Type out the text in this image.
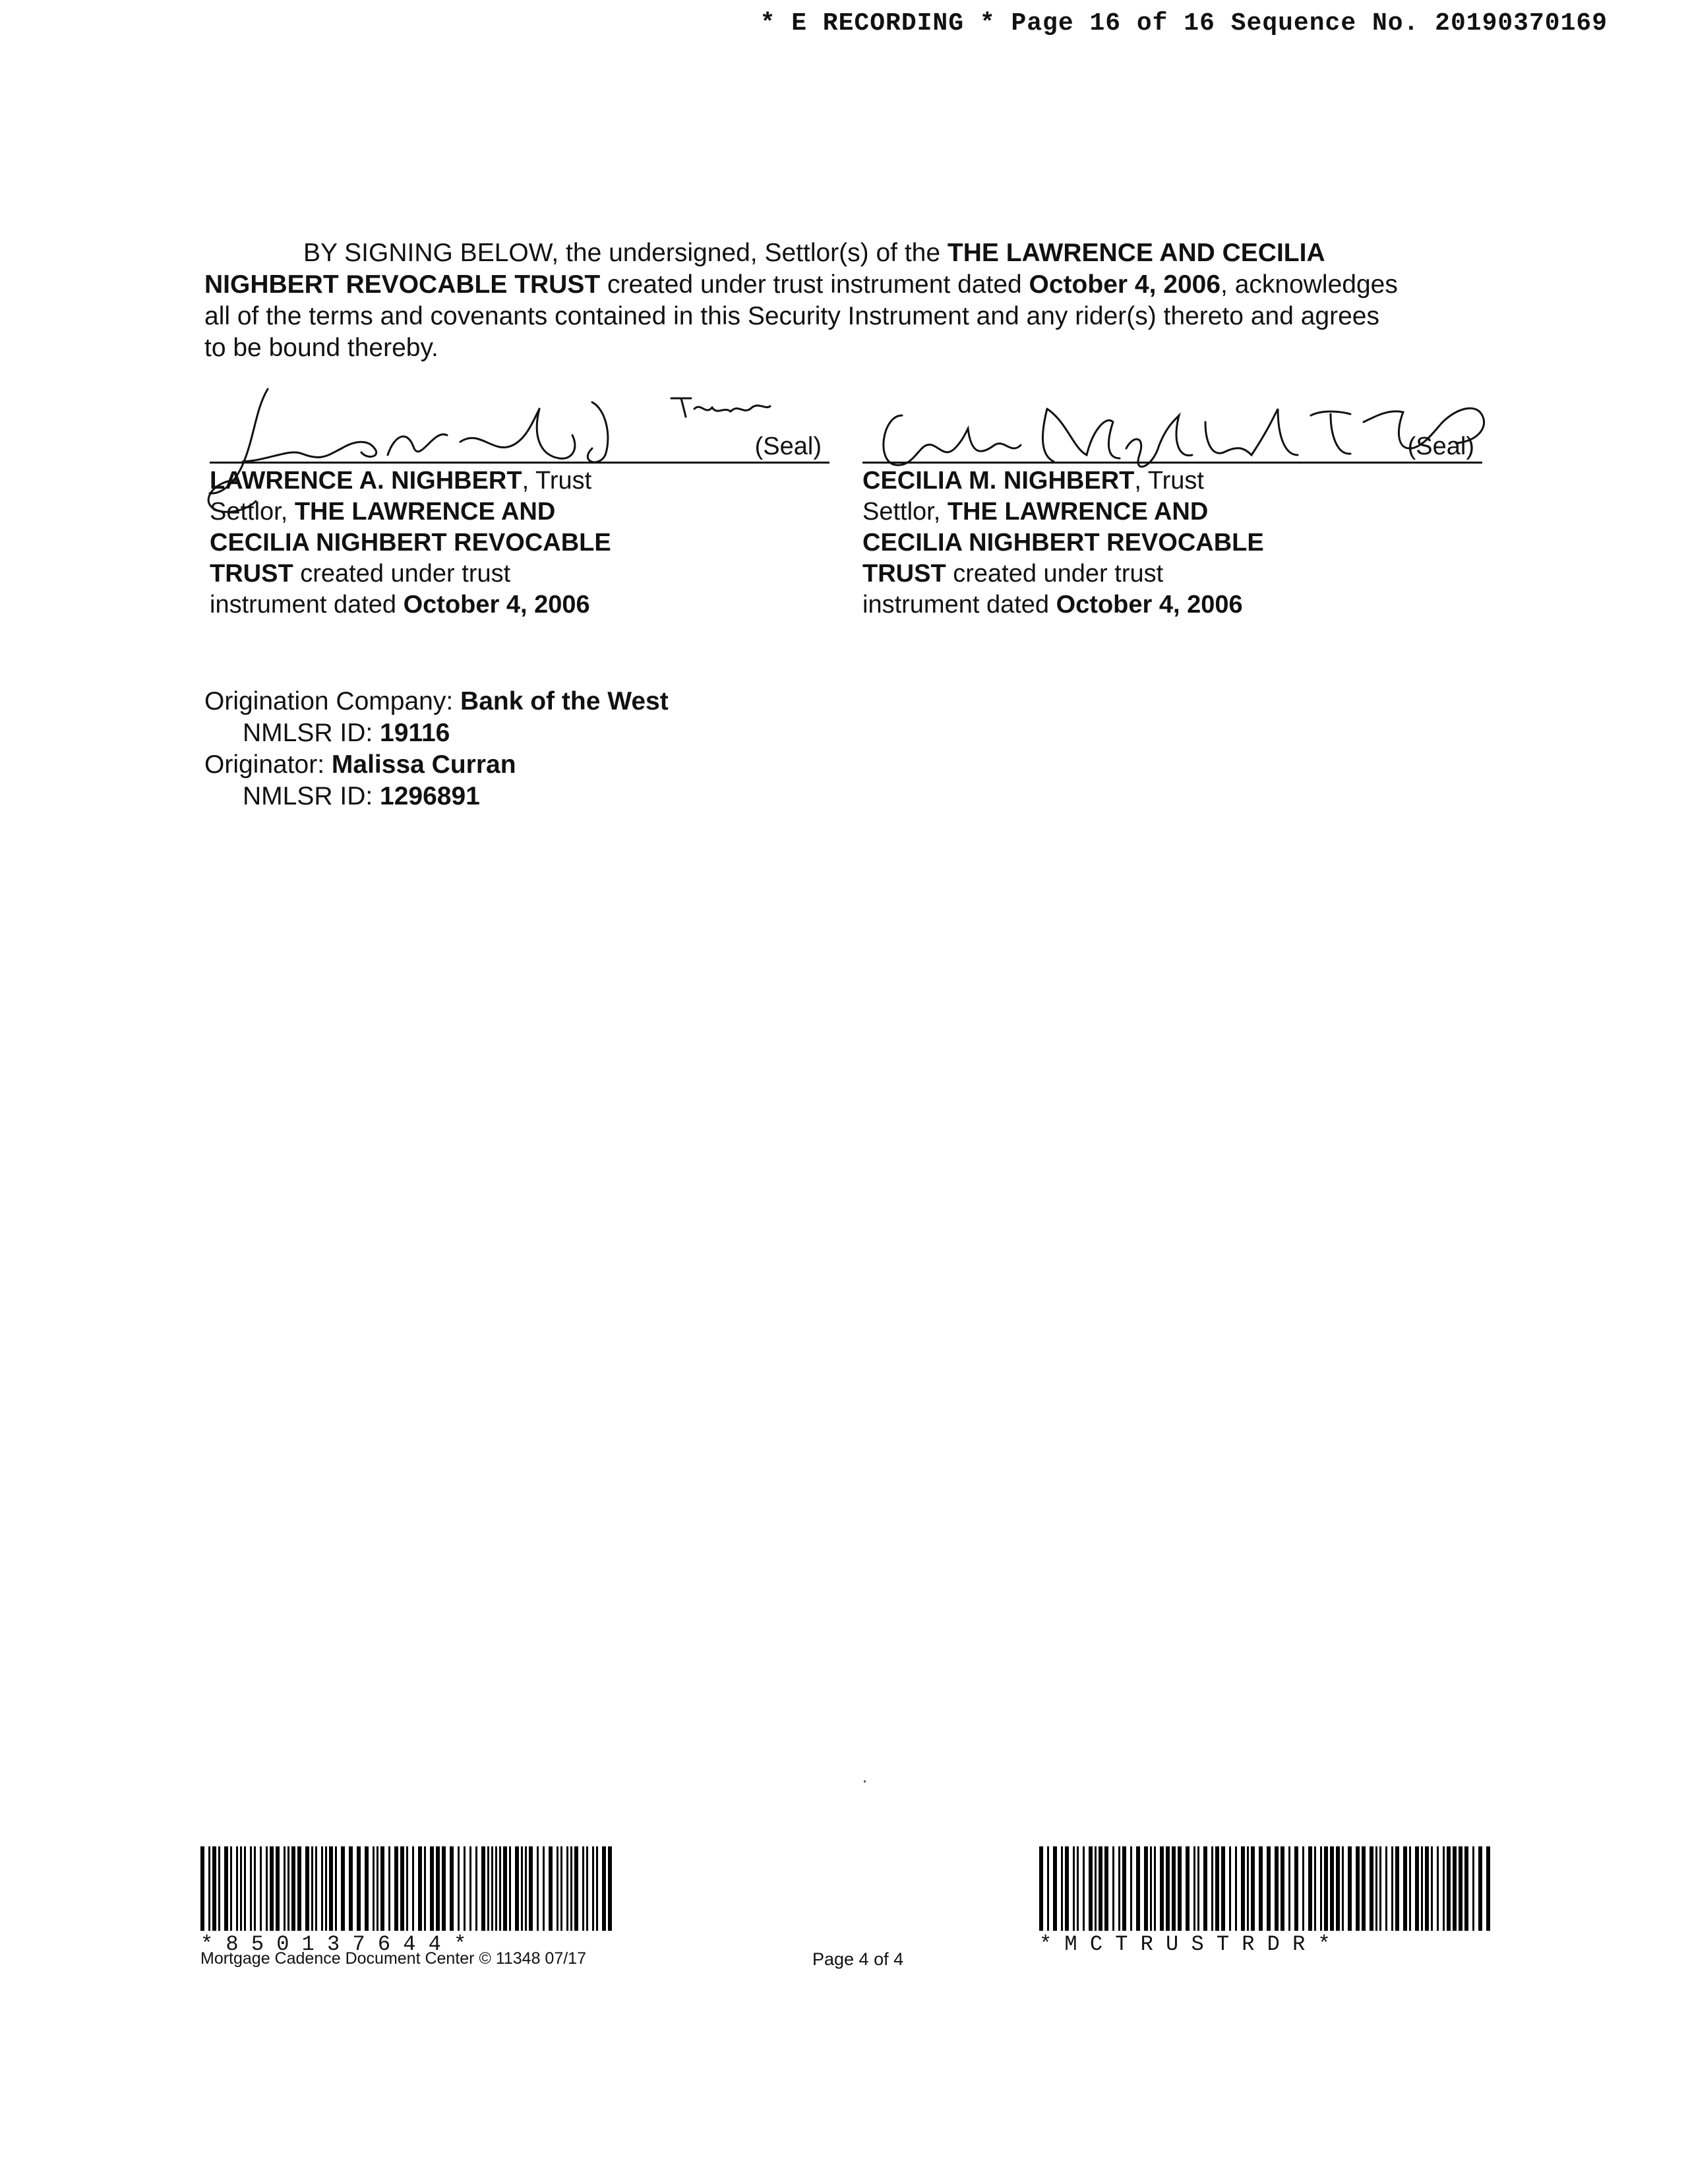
* E RECORDING * Page 16 of 16 Sequence No. 20190370169
BY SIGNING BELOW, the undersigned, Settlor(s) of the THE LAWRENCE AND CECILIA
NIGHBERT REVOCABLE TRUST created under trust instrument dated October 4, 2006, acknowledges
all of the terms and covenants contained in this Security Instrument and any rider(s) thereto and agrees
to be bound thereby.
(Seal)
LAWRENCE A. NIGHBERT, Trust
Settlor, THE LAWRENCE AND
CECILIA NIGHBERT REVOCABLE
TRUST created under trust
instrument dated October 4, 2006
(Seal)
CECILIA M. NIGHBERT, Trust
Settlor, THE LAWRENCE AND
CECILIA NIGHBERT REVOCABLE
TRUST created under trust
instrument dated October 4, 2006
Origination Company: Bank of the West
NMLSR ID: 19116
Originator: Malissa Curran
NMLSR ID: 1296891
* 8 5 0 1 3 7 6 4 4 *	* M C T R U S T R D R *
Mortgage Cadence Document Center © 11348 07/17	Page 4 of 4
